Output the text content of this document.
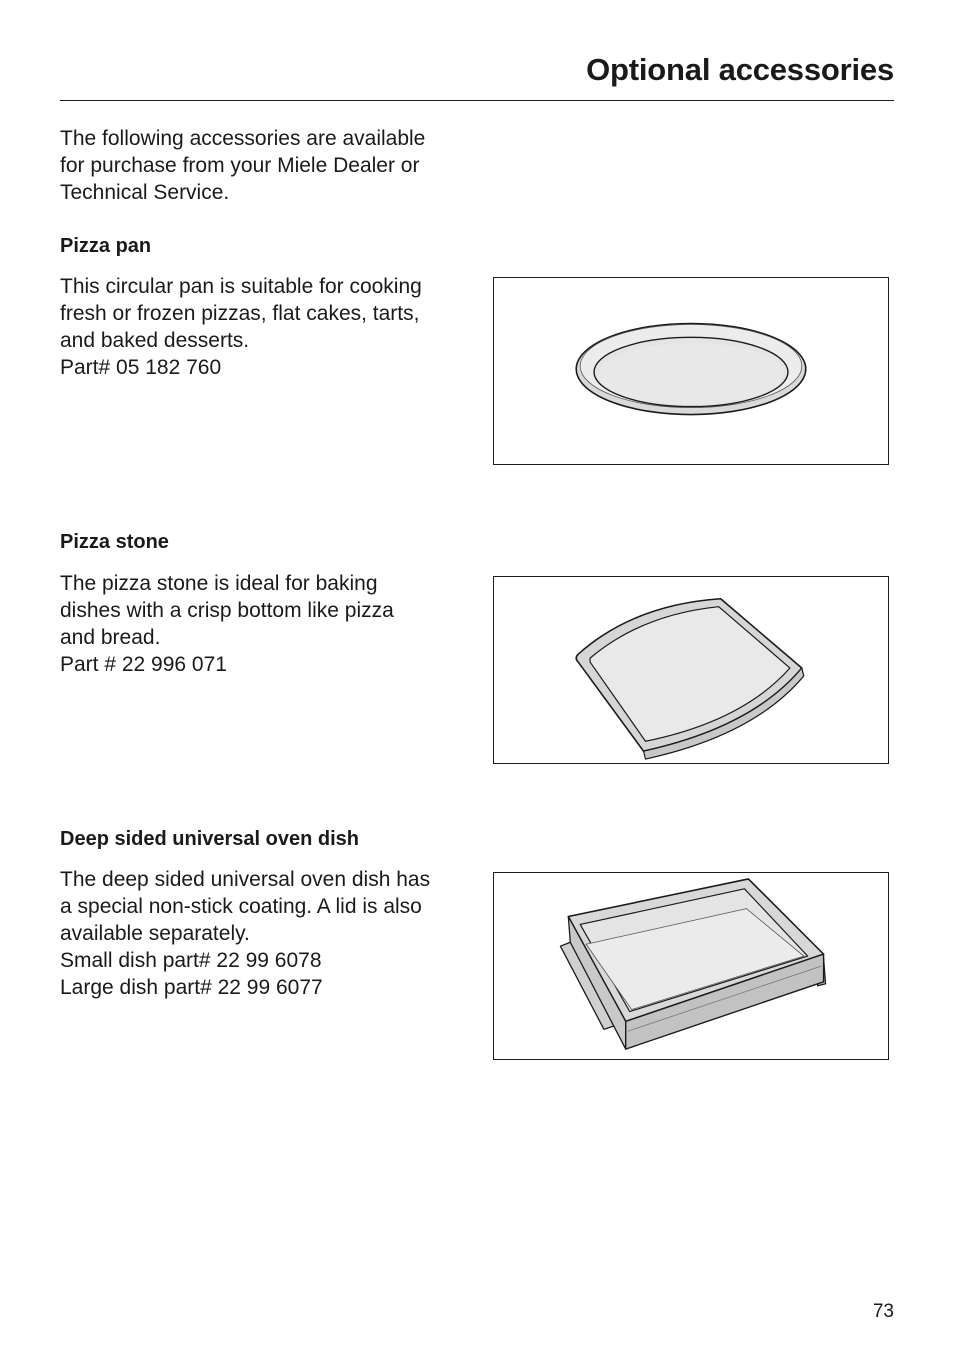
Optional accessories

The following accessories are available
for purchase from your Miele Dealer or
Technical Service.

Pizza pan

This circular pan is suitable for cooking
fresh or frozen pizzas, flat cakes, tarts,
and baked desserts.
Part# 05 182 760

Pizza stone

The pizza stone is ideal for baking
dishes with a crisp bottom like pizza
and bread.
Part # 22 996 071

Deep sided universal oven dish

The deep sided universal oven dish has
a special non-stick coating. A lid is also
available separately.
Small dish part# 22 99 6078
Large dish part# 22 99 6077

73
